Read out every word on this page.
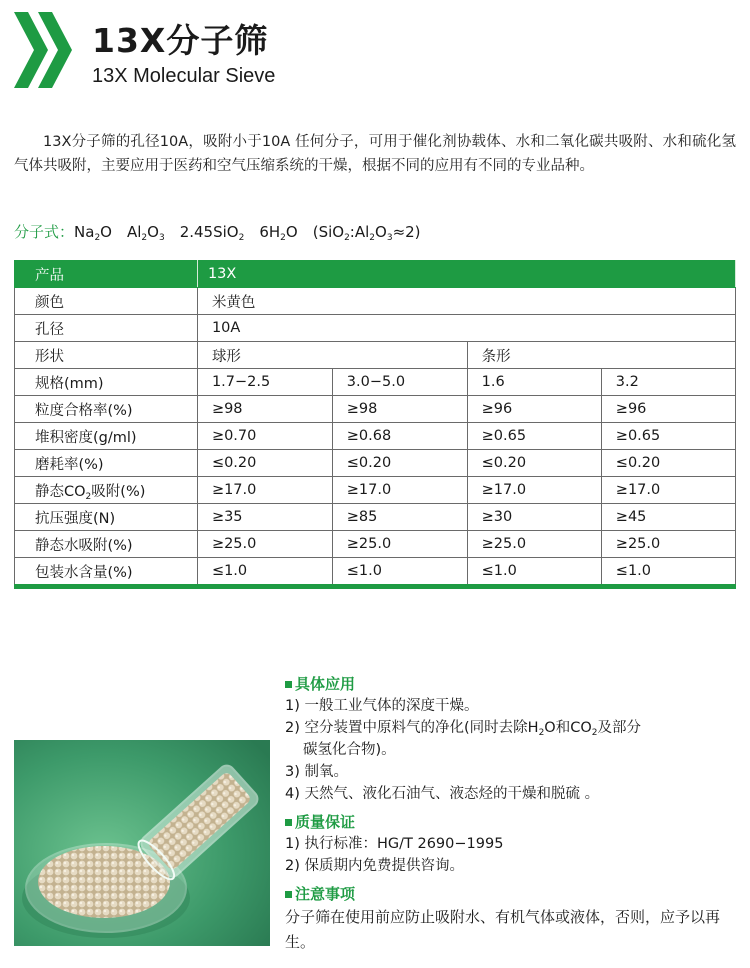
13X分子筛
13X Molecular Sieve
13X分子筛的孔径10A，吸附小于10A 任何分子，可用于催化剂协载体、水和二氧化碳共吸附、水和硫化氢气体共吸附，主要应用于医药和空气压缩系统的干燥，根据不同的应用有不同的专业品种。
分子式：$Na_2O$　$Al_2O_3$　2.45SiO$_2$　$6H_2O$　$(SiO_2:Al_2O_3\approx 2)$
产品	13X			
颜色	米黄色			
孔径	10A			
形状	球形		条形	
规格(mm)	1.7−2.5	3.0−5.0	1.6	3.2
粒度合格率(%)	≥98	≥98	≥96	≥96
堆积密度(g/ml)	≥0.70	≥0.68	≥0.65	≥0.65
磨耗率(%)	≤0.20	≤0.20	≤0.20	≤0.20
静态$CO_2$吸附(%)	≥17.0	≥17.0	≥17.0	≥17.0
抗压强度(N)	≥35	≥85	≥30	≥45
静态水吸附(%)	≥25.0	≥25.0	≥25.0	≥25.0
包装水含量(%)	≤1.0	≤1.0	≤1.0	≤1.0
具体应用
1) 一般工业气体的深度干燥。
2) 空分装置中原料气的净化(同时去除$H_2O$和$CO_2$及部分
碳氢化合物)。
3) 制氧。
4) 天然气、液化石油气、液态烃的干燥和脱硫 。
质量保证
1) 执行标准：HG/T 2690−1995
2) 保质期内免费提供咨询。
注意事项
分子筛在使用前应防止吸附水、有机气体或液体，否则，应予以再生。
